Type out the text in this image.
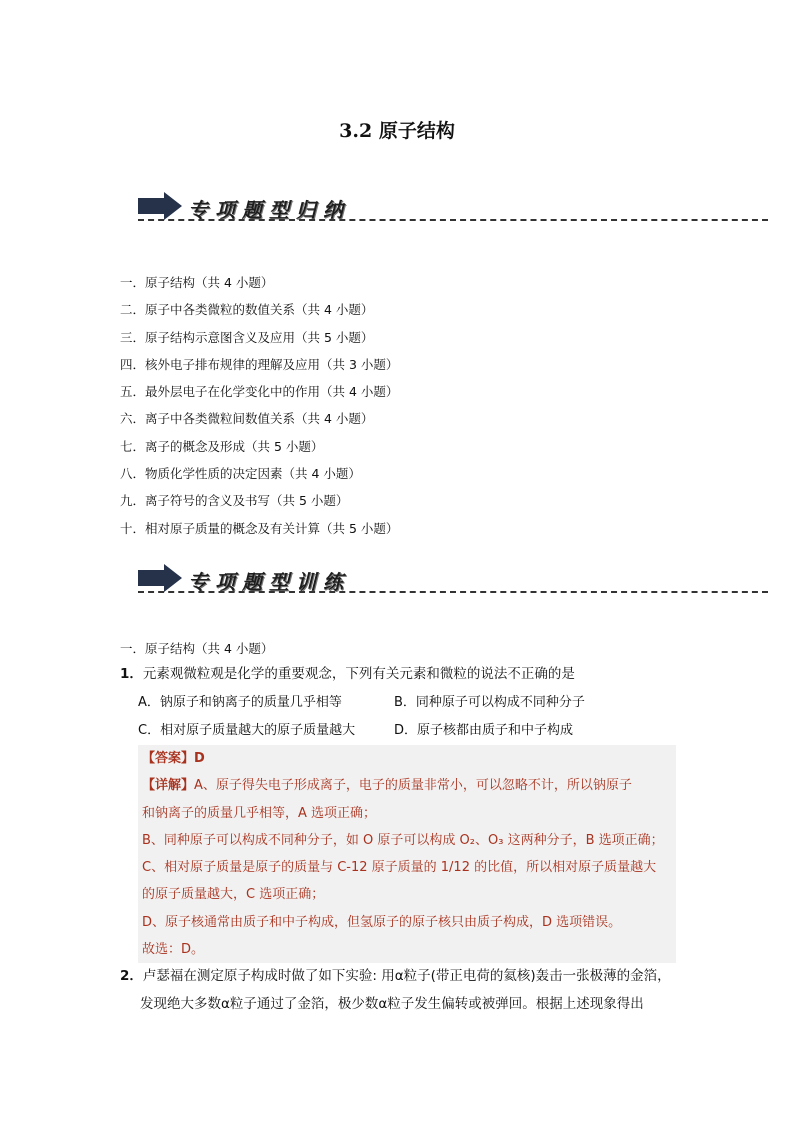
3.2 原子结构
专项题型归纳
一．原子结构（共 4 小题）
二．原子中各类微粒的数值关系（共 4 小题）
三．原子结构示意图含义及应用（共 5 小题）
四．核外电子排布规律的理解及应用（共 3 小题）
五．最外层电子在化学变化中的作用（共 4 小题）
六．离子中各类微粒间数值关系（共 4 小题）
七．离子的概念及形成（共 5 小题）
八．物质化学性质的决定因素（共 4 小题）
九．离子符号的含义及书写（共 5 小题）
十．相对原子质量的概念及有关计算（共 5 小题）
专项题型训练
一．原子结构（共 4 小题）
1．元素观微粒观是化学的重要观念，下列有关元素和微粒的说法不正确的是
A．钠原子和钠离子的质量几乎相等	B．同种原子可以构成不同种分子
C．相对原子质量越大的原子质量越大	D．原子核都由质子和中子构成
【答案】D
【详解】A、原子得失电子形成离子，电子的质量非常小，可以忽略不计，所以钠原子
和钠离子的质量几乎相等，A 选项正确；
B、同种原子可以构成不同种分子，如 O 原子可以构成 O₂、O₃ 这两种分子，B 选项正确；
C、相对原子质量是原子的质量与 C-12 原子质量的 1/12 的比值，所以相对原子质量越大
的原子质量越大，C 选项正确；
D、原子核通常由质子和中子构成，但氢原子的原子核只由质子构成，D 选项错误。
故选：D。
2．卢瑟福在测定原子构成时做了如下实验: 用α粒子(带正电荷的氦核)轰击一张极薄的金箔，
发现绝大多数α粒子通过了金箔，极少数α粒子发生偏转或被弹回。根据上述现象得出
